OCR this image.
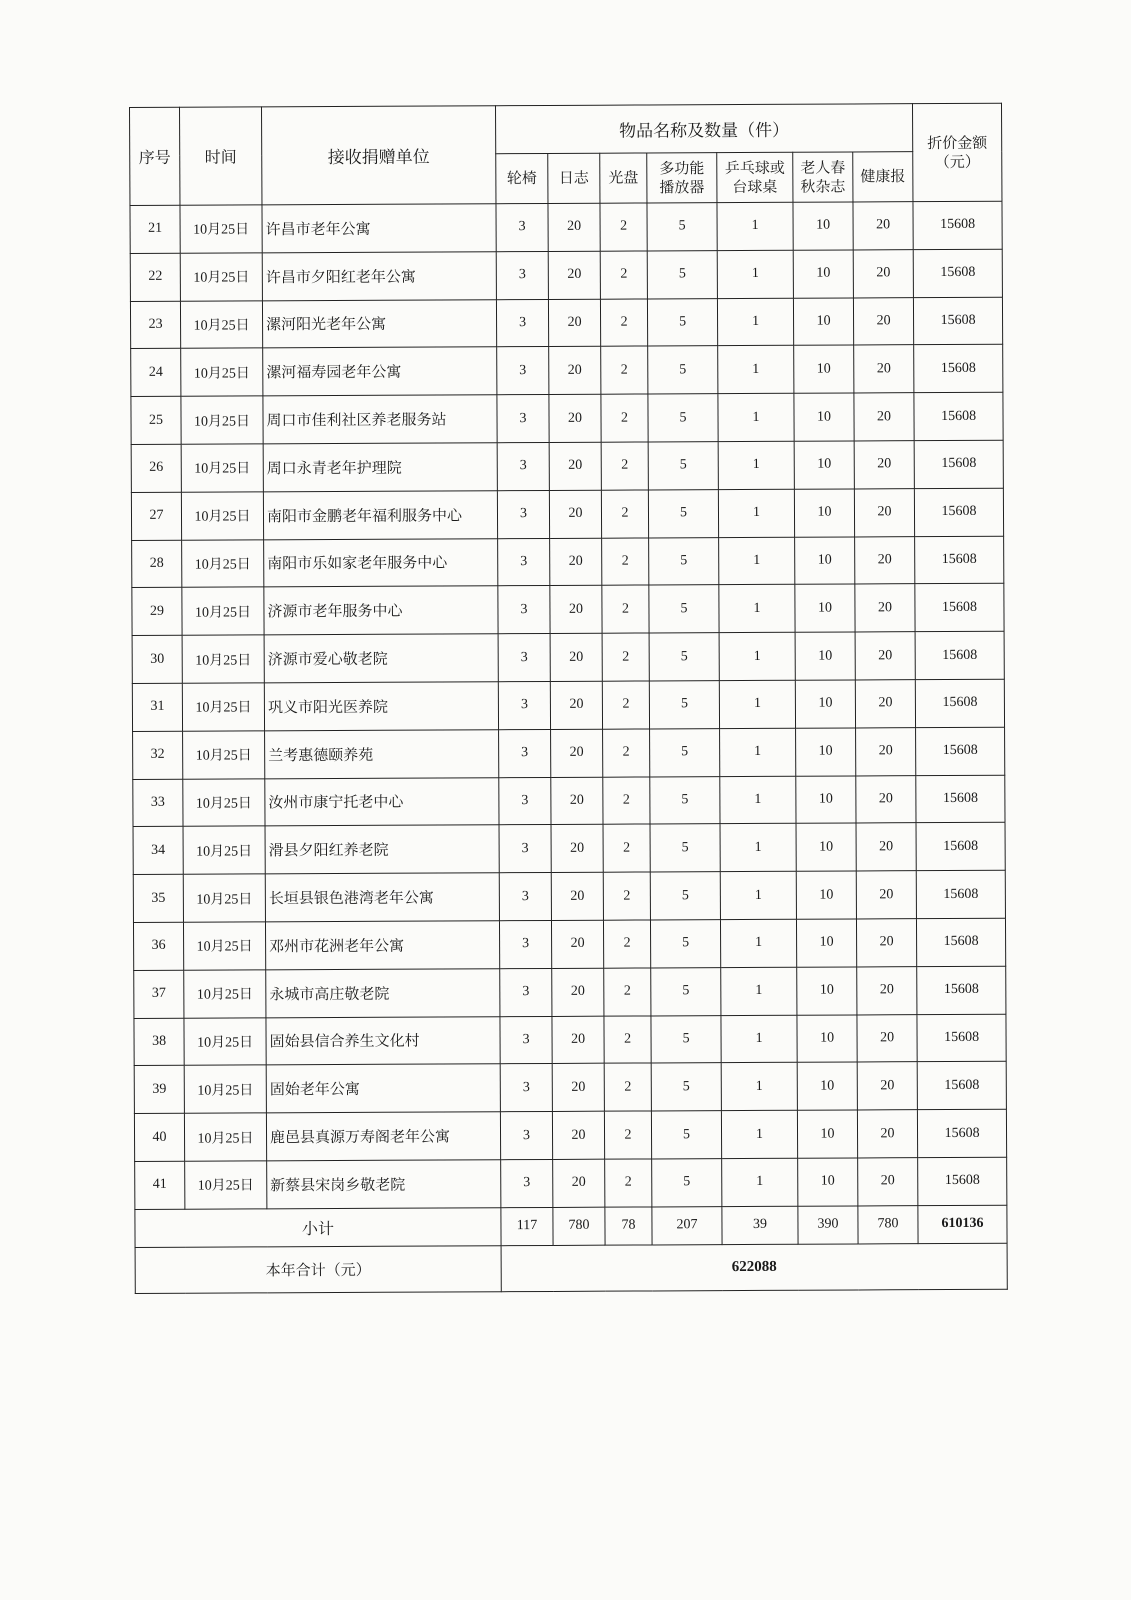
序号	时间	接收捐赠单位	物品名称及数量（件）							折价金额（元）
			轮椅	日志	光盘	多功能播放器	乒乓球或台球桌	老人春秋杂志	健康报	
21	10月25日	许昌市老年公寓	3	20	2	5	1	10	20	15608
22	10月25日	许昌市夕阳红老年公寓	3	20	2	5	1	10	20	15608
23	10月25日	漯河阳光老年公寓	3	20	2	5	1	10	20	15608
24	10月25日	漯河福寿园老年公寓	3	20	2	5	1	10	20	15608
25	10月25日	周口市佳利社区养老服务站	3	20	2	5	1	10	20	15608
26	10月25日	周口永青老年护理院	3	20	2	5	1	10	20	15608
27	10月25日	南阳市金鹏老年福利服务中心	3	20	2	5	1	10	20	15608
28	10月25日	南阳市乐如家老年服务中心	3	20	2	5	1	10	20	15608
29	10月25日	济源市老年服务中心	3	20	2	5	1	10	20	15608
30	10月25日	济源市爱心敬老院	3	20	2	5	1	10	20	15608
31	10月25日	巩义市阳光医养院	3	20	2	5	1	10	20	15608
32	10月25日	兰考惠德颐养苑	3	20	2	5	1	10	20	15608
33	10月25日	汝州市康宁托老中心	3	20	2	5	1	10	20	15608
34	10月25日	滑县夕阳红养老院	3	20	2	5	1	10	20	15608
35	10月25日	长垣县银色港湾老年公寓	3	20	2	5	1	10	20	15608
36	10月25日	邓州市花洲老年公寓	3	20	2	5	1	10	20	15608
37	10月25日	永城市高庄敬老院	3	20	2	5	1	10	20	15608
38	10月25日	固始县信合养生文化村	3	20	2	5	1	10	20	15608
39	10月25日	固始老年公寓	3	20	2	5	1	10	20	15608
40	10月25日	鹿邑县真源万寿阁老年公寓	3	20	2	5	1	10	20	15608
41	10月25日	新蔡县宋岗乡敬老院	3	20	2	5	1	10	20	15608
小计			117	780	78	207	39	390	780	610136
本年合计（元）			622088							
